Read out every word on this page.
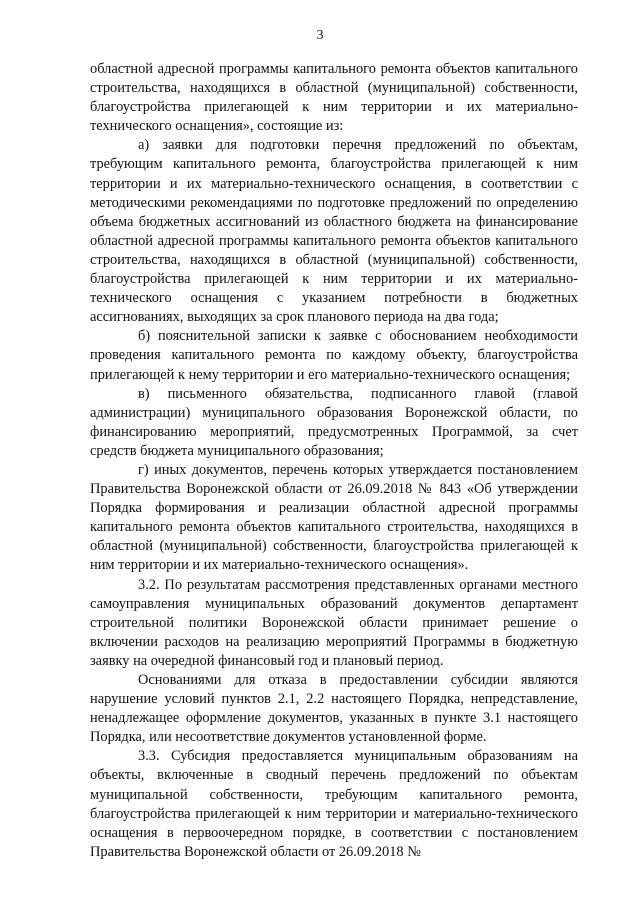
3

областной адресной программы капитального ремонта объектов капитального строительства, находящихся в областной (муниципальной) собственности, благоустройства прилегающей к ним территории и их материально-технического оснащения», состоящие из:

а) заявки для подготовки перечня предложений по объектам, требующим капитального ремонта, благоустройства прилегающей к ним территории и их материально-технического оснащения, в соответствии с методическими рекомендациями по подготовке предложений по определению объема бюджетных ассигнований из областного бюджета на финансирование областной адресной программы капитального ремонта объектов капитального строительства, находящихся в областной (муниципальной) собственности, благоустройства прилегающей к ним территории и их материально-технического оснащения с указанием потребности в бюджетных ассигнованиях, выходящих за срок планового периода на два года;

б) пояснительной записки к заявке с обоснованием необходимости проведения капитального ремонта по каждому объекту, благоустройства прилегающей к нему территории и его материально-технического оснащения;

в) письменного обязательства, подписанного главой (главой администрации) муниципального образования Воронежской области, по финансированию мероприятий, предусмотренных Программой, за счет средств бюджета муниципального образования;

г) иных документов, перечень которых утверждается постановлением Правительства Воронежской области от 26.09.2018 № 843 «Об утверждении Порядка формирования и реализации областной адресной программы капитального ремонта объектов капитального строительства, находящихся в областной (муниципальной) собственности, благоустройства прилегающей к ним территории и их материально-технического оснащения».

3.2. По результатам рассмотрения представленных органами местного самоуправления муниципальных образований документов департамент строительной политики Воронежской области принимает решение о включении расходов на реализацию мероприятий Программы в бюджетную заявку на очередной финансовый год и плановый период.

Основаниями для отказа в предоставлении субсидии являются нарушение условий пунктов 2.1, 2.2 настоящего Порядка, непредставление, ненадлежащее оформление документов, указанных в пункте 3.1 настоящего Порядка, или несоответствие документов установленной форме.

3.3. Субсидия предоставляется муниципальным образованиям на объекты, включенные в сводный перечень предложений по объектам муниципальной собственности, требующим капитального ремонта, благоустройства прилегающей к ним территории и материально-технического оснащения в первоочередном порядке, в соответствии с постановлением Правительства Воронежской области от 26.09.2018 №
